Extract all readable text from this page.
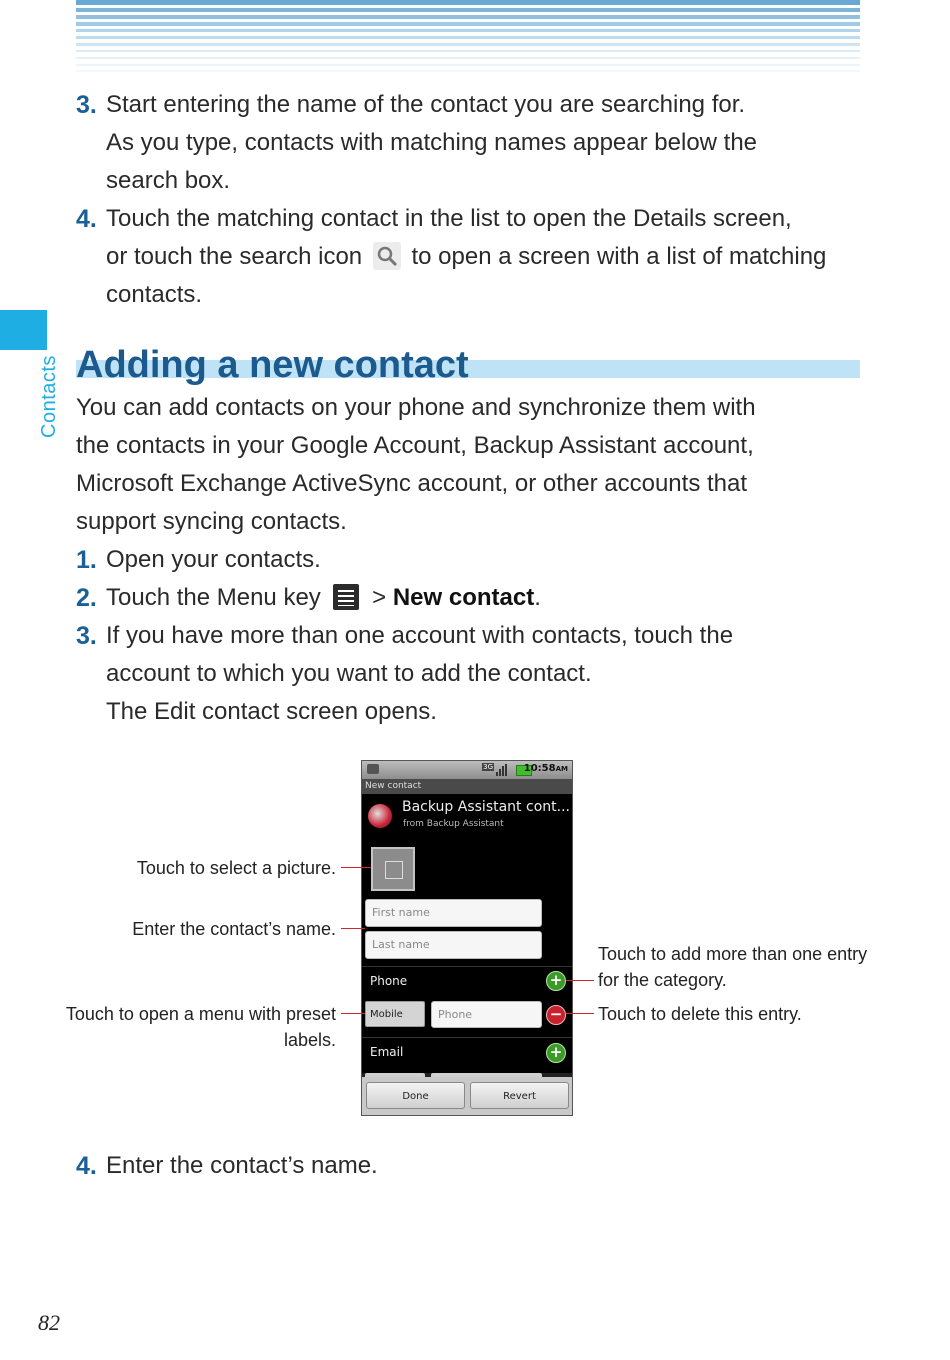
Contacts
3. Start entering the name of the contact you are searching for.
As you type, contacts with matching names appear below the
search box.
4. Touch the matching contact in the list to open the Details screen,
or touch the search icon to open a screen with a list of matching
contacts.
Adding a new contact
You can add contacts on your phone and synchronize them with
the contacts in your Google Account, Backup Assistant account,
Microsoft Exchange ActiveSync account, or other accounts that
support syncing contacts.
1. Open your contacts.
2. Touch the Menu key
> New contact.
3. If you have more than one account with contacts, touch the
account to which you want to add the contact.
The Edit contact screen opens.
3G	10:58AM
New contact
Backup Assistant cont...
from Backup Assistant
First name
Last name
Phone	+
Mobile	Phone	−
Email	+
Done	Revert
Touch to select a picture.
Enter the contact’s name.
Touch to open a menu with preset
labels.
Touch to add more than one entry
for the category.
Touch to delete this entry.
4. Enter the contact’s name.
82
